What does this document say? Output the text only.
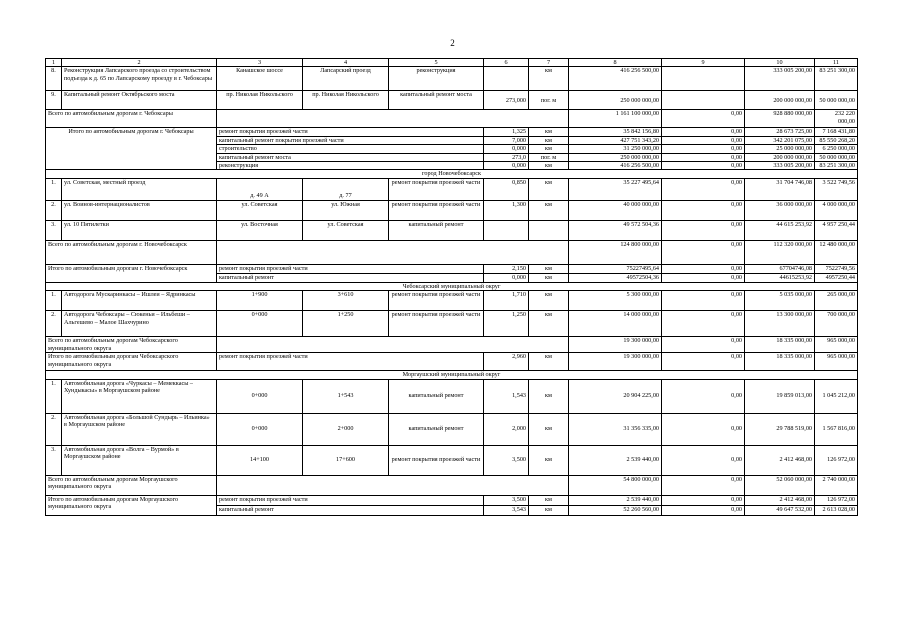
2
1	2	3	4	5	6	7	8	9	10	11
8.	Реконструкция Лапсарского проезда со строительством подъезда к д. 65 по Лапсарскому проезду в г. Чебоксары	Канашское шоссе	Лапсарский проезд	реконструкция		км	416 256 500,00		333 005 200,00	83 251 300,00
9.	Капитальный ремонт Октябрьского моста	пр. Николая Никольского	пр. Николая Никольского	капитальный ремонт моста	273,000	пог. м	250 000 000,00		200 000 000,00	50 000 000,00
Всего по автомобильным дорогам г. Чебоксары							1 161 100 000,00	0,00	928 880 000,00	232 220 000,00
Итого по автомобильным дорогам г. Чебоксары		ремонт покрытия проезжей части			1,325	км	35 842 156,80	0,00	28 673 725,00	7 168 431,80
		капитальный ремонт покрытия проезжей части			7,000	км	427 751 343,20	0,00	342 201 075,00	85 550 268,20
		строительство			0,000	км	31 250 000,00	0,00	25 000 000,00	6 250 000,00
		капитальный ремонт моста			273,0	пог. м	250 000 000,00	0,00	200 000 000,00	50 000 000,00
		реконструкция			0,000	км	416 256 500,00	0,00	333 005 200,00	83 251 300,00
город Новочебоксарск										
1.	ул. Советская, местный проезд	д. 49 А	д. 77	ремонт покрытия проезжей части	0,850	км	35 227 495,64	0,00	31 704 746,08	3 522 749,56
2.	ул. Воинов-интернационалистов	ул. Советская	ул. Южная	ремонт покрытия проезжей части	1,300	км	40 000 000,00	0,00	36 000 000,00	4 000 000,00
3.	ул. 10 Пятилетки	ул. Восточная	ул. Советская	капитальный ремонт			49 572 504,36	0,00	44 615 253,92	4 957 250,44
Всего по автомобильным дорогам г. Новочебоксарск							124 800 000,00	0,00	112 320 000,00	12 480 000,00
Итого по автомобильным дорогам г. Новочебоксарск		ремонт покрытия проезжей части			2,150	км	75227495,64	0,00	67704746,08	7522749,56
		капитальный ремонт			0,000	км	49572504,36	0,00	44615253,92	4957250,44
Чебоксарский муниципальный округ										
1.	Автодорога Мускаринкасы – Ишлеи – Ядринкасы	1+900	3+610	ремонт покрытия проезжей части	1,710	км	5 300 000,00	0,00	5 035 000,00	265 000,00
2.	Автодорога Чебоксары – Сюкеньи – Ильбеши – Альгешево – Малое Шахчурино	0+000	1+250	ремонт покрытия проезжей части	1,250	км	14 000 000,00	0,00	13 300 000,00	700 000,00
Всего по автомобильным дорогам Чебоксарского муниципального округа							19 300 000,00	0,00	18 335 000,00	965 000,00
Итого по автомобильным дорогам Чебоксарского муниципального округа		ремонт покрытия проезжей части			2,960	км	19 300 000,00	0,00	18 335 000,00	965 000,00
Моргаушский муниципальный округ										
1.	Автомобильная дорога «Чуркасы – Мемеккасы – Хундыкасы» в Моргаушском районе	0+000	1+543	капитальный ремонт	1,543	км	20 904 225,00	0,00	19 859 013,00	1 045 212,00
2.	Автомобильная дорога «Большой Сундырь – Ильинка» в Моргаушском районе	0+000	2+000	капитальный ремонт	2,000	км	31 356 335,00	0,00	29 788 519,00	1 567 816,00
3.	Автомобильная дорога «Волга – Вурмой» в Моргаушском районе	14+100	17+600	ремонт покрытия проезжей части	3,500	км	2 539 440,00	0,00	2 412 468,00	126 972,00
Всего по автомобильным дорогам Моргаушского муниципального округа							54 800 000,00	0,00	52 060 000,00	2 740 000,00
Итого по автомобильным дорогам Моргаушского муниципального округа		ремонт покрытия проезжей части			3,500	км	2 539 440,00	0,00	2 412 468,00	126 972,00
		капитальный ремонт			3,543	км	52 260 560,00	0,00	49 647 532,00	2 613 028,00
